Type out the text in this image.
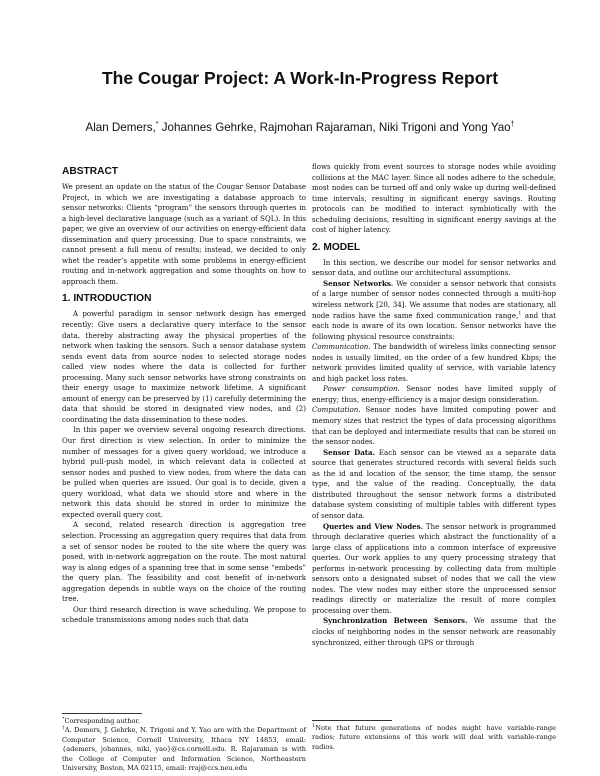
The Cougar Project: A Work-In-Progress Report
Alan Demers,* Johannes Gehrke, Rajmohan Rajaraman, Niki Trigoni and Yong Yao†
ABSTRACT

We present an update on the status of the Cougar Sensor Database Project, in which we are investigating a database approach to sensor networks: Clients “program” the sensors through queries in a high-level declarative language (such as a variant of SQL). In this paper, we give an overview of our activities on energy-efficient data dissemination and query processing. Due to space constraints, we cannot present a full menu of results; instead, we decided to only whet the reader’s appetite with some problems in energy-efficient routing and in-network aggregation and some thoughts on how to approach them.

1. INTRODUCTION

A powerful paradigm in sensor network design has emerged recently: Give users a declarative query interface to the sensor data, thereby abstracting away the physical properties of the network when tasking the sensors. Such a sensor database system sends event data from source nodes to selected storage nodes called view nodes where the data is collected for further processing. Many such sensor networks have strong constraints on their energy usage to maximize network lifetime. A significant amount of energy can be preserved by (1) carefully determining the data that should be stored in designated view nodes, and (2) coordinating the data dissemination to these nodes.

In this paper we overview several ongoing research directions. Our first direction is view selection. In order to minimize the number of messages for a given query workload, we introduce a hybrid pull-push model, in which relevant data is collected at sensor nodes and pushed to view nodes, from where the data can be pulled when queries are issued. Our goal is to decide, given a query workload, what data we should store and where in the network this data should be stored in order to minimize the expected overall query cost.

A second, related research direction is aggregation tree selection. Processing an aggregation query requires that data from a set of sensor nodes be routed to the site where the query was posed, with in-network aggregation on the route. The most natural way is along edges of a spanning tree that in some sense “embeds” the query plan. The feasibility and cost benefit of in-network aggregation depends in subtle ways on the choice of the routing tree.

Our third research direction is wave scheduling. We propose to schedule transmissions among nodes such that data

*Corresponding author.

†A. Demers, J. Gehrke, N. Trigoni and Y. Yao are with the Department of Computer Science, Cornell University, Ithaca NY 14853, email: {ademers, johannes, niki, yao}@cs.cornell.edu. R. Rajaraman is with the College of Computer and Information Science, Northeastern University, Boston, MA 02115, email: rraj@ccs.neu.edu

flows quickly from event sources to storage nodes while avoiding collisions at the MAC layer. Since all nodes adhere to the schedule, most nodes can be turned off and only wake up during well-defined time intervals, resulting in significant energy savings. Routing protocols can be modified to interact symbiotically with the scheduling decisions, resulting in significant energy savings at the cost of higher latency.

2. MODEL

In this section, we describe our model for sensor networks and sensor data, and outline our architectural assumptions.

Sensor Networks. We consider a sensor network that consists of a large number of sensor nodes connected through a multi-hop wireless network [20, 34]. We assume that nodes are stationary, all node radios have the same fixed communication range,$^1$ and that each node is aware of its own location. Sensor networks have the following physical resource constraints:

Communication. The bandwidth of wireless links connecting sensor nodes is usually limited, on the order of a few hundred Kbps; the network provides limited quality of service, with variable latency and high packet loss rates.

Power consumption. Sensor nodes have limited supply of energy; thus, energy-efficiency is a major design consideration.

Computation. Sensor nodes have limited computing power and memory sizes that restrict the types of data processing algorithms that can be deployed and intermediate results that can be stored on the sensor nodes.

Sensor Data. Each sensor can be viewed as a separate data source that generates structured records with several fields such as the id and location of the sensor, the time stamp, the sensor type, and the value of the reading. Conceptually, the data distributed throughout the sensor network forms a distributed database system consisting of multiple tables with different types of sensor data.

Queries and View Nodes. The sensor network is programmed through declarative queries which abstract the functionality of a large class of applications into a common interface of expressive queries. Our work applies to any query processing strategy that performs in-network processing by collecting data from multiple sensors onto a designated subset of nodes that we call the view nodes. The view nodes may either store the unprocessed sensor readings directly or materialize the result of more complex processing over them.

Synchronization Between Sensors. We assume that the clocks of neighboring nodes in the sensor network are reasonably synchronized, either through GPS or through

$^1$Note that future generations of nodes might have variable-range radios; future extensions of this work will deal with variable-range radios.
